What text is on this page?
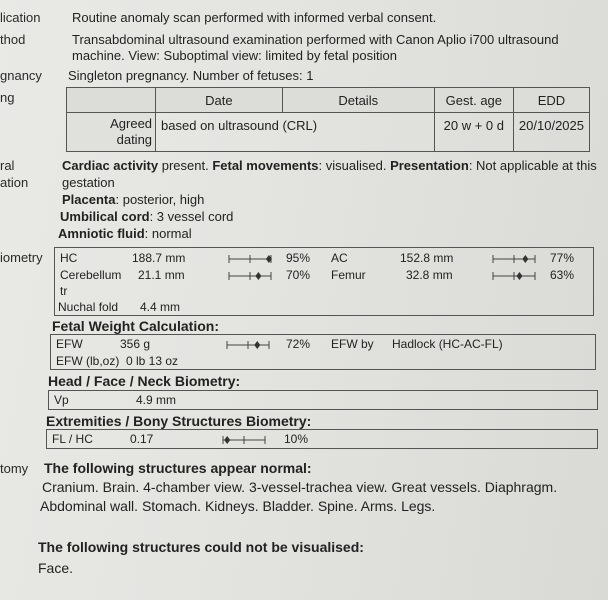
lication
thod
gnancy
ng
ral
ation
iometry
tomy
Routine anomaly scan performed with informed verbal consent.
Transabdominal ultrasound examination performed with Canon Aplio i700 ultrasound
machine. View: Suboptimal view: limited by fetal position
Singleton pregnancy. Number of fetuses: 1
	Date	Details	Gest. age	EDD
Agreed
dating	based on ultrasound (CRL)		20 w + 0 d	20/10/2025
Cardiac activity present. Fetal movements: visualised. Presentation: Not applicable at this
gestation
Placenta: posterior, high
Umbilical cord: 3 vessel cord
Amniotic fluid: normal
HC	188.7 mm	95% AC	152.8 mm	77%
Cerebellum 21.1 mm	70% Femur	32.8 mm	63%
tr
Nuchal fold 4.4 mm
Fetal Weight Calculation:
EFW	356 g	72% EFW by Hadlock (HC-AC-FL)
EFW (lb,oz) 0 lb 13 oz
Head / Face / Neck Biometry:
Vp	4.9 mm
Extremities / Bony Structures Biometry:
FL / HC	0.17	10%
The following structures appear normal:
Cranium. Brain. 4-chamber view. 3-vessel-trachea view. Great vessels. Diaphragm.
Abdominal wall. Stomach. Kidneys. Bladder. Spine. Arms. Legs.
The following structures could not be visualised:
Face.
